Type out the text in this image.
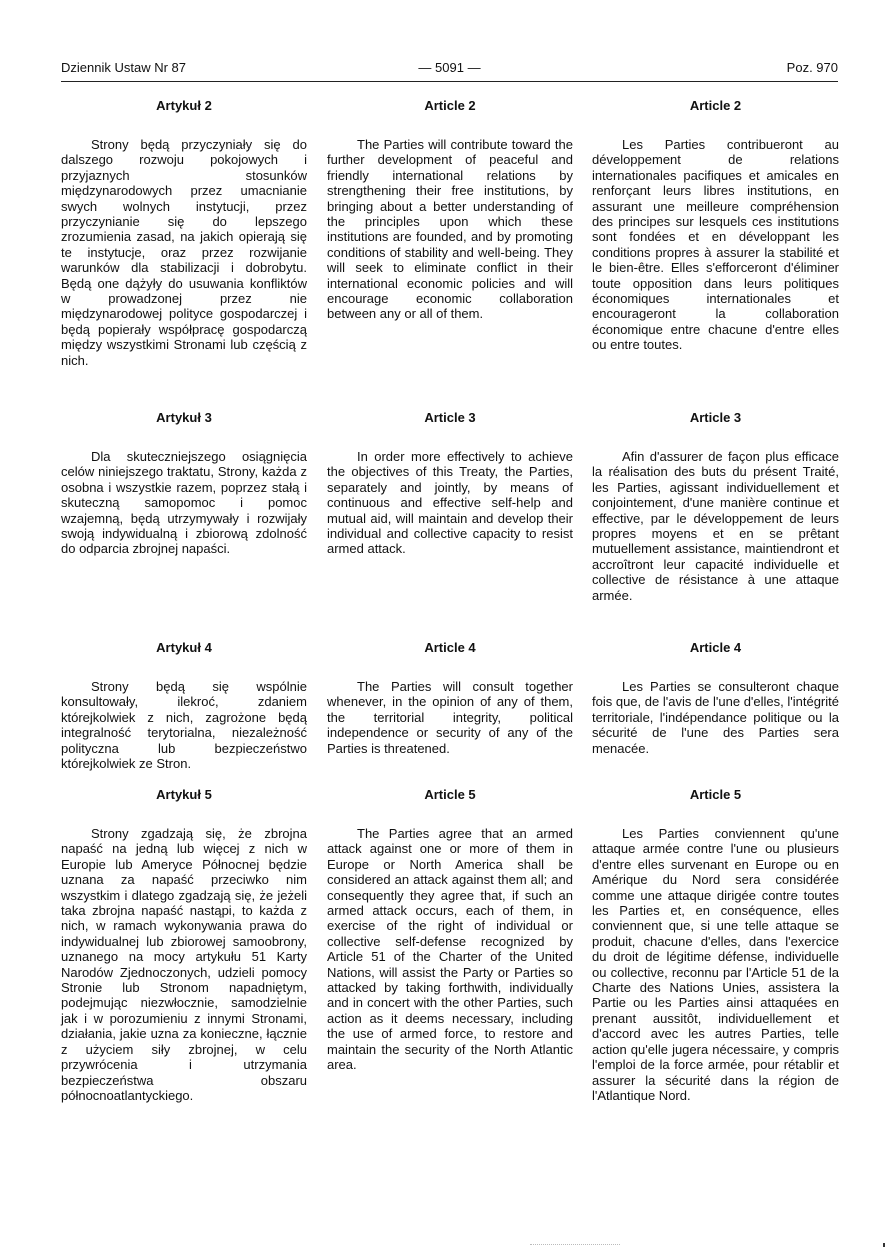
Dziennik Ustaw Nr 87	— 5091 —	Poz. 970
Artykuł 2

Strony będą przyczyniały się do dalszego rozwoju pokojowych i przyjaznych stosunków międzynarodowych przez umacnianie swych wolnych instytucji, przez przyczynianie się do lepszego zrozumienia zasad, na jakich opierają się te instytucje, oraz przez rozwijanie warunków dla stabilizacji i dobrobytu. Będą one dążyły do usuwania konfliktów w prowadzonej przez nie międzynarodowej polityce gospodarczej i będą popierały współpracę gospodarczą między wszystkimi Stronami lub częścią z nich.

Article 2

The Parties will contribute toward the further development of peaceful and friendly international relations by strengthening their free institutions, by bringing about a better understanding of the principles upon which these institutions are founded, and by promoting conditions of stability and well-being. They will seek to eliminate conflict in their international economic policies and will encourage economic collaboration between any or all of them.

Article 2

Les Parties contribueront au développement de relations internationales pacifiques et amicales en renforçant leurs libres institutions, en assurant une meilleure compréhension des principes sur lesquels ces institutions sont fondées et en développant les conditions propres à assurer la stabilité et le bien-être. Elles s'efforceront d'éliminer toute opposition dans leurs politiques économiques internationales et encourageront la collaboration économique entre chacune d'entre elles ou entre toutes.

Artykuł 3

Dla skuteczniejszego osiągnięcia celów niniejszego traktatu, Strony, każda z osobna i wszystkie razem, poprzez stałą i skuteczną samopomoc i pomoc wzajemną, będą utrzymywały i rozwijały swoją indywidualną i zbiorową zdolność do odparcia zbrojnej napaści.

Article 3

In order more effectively to achieve the objectives of this Treaty, the Parties, separately and jointly, by means of continuous and effective self-help and mutual aid, will maintain and develop their individual and collective capacity to resist armed attack.

Article 3

Afin d'assurer de façon plus efficace la réalisation des buts du présent Traité, les Parties, agissant individuellement et conjointement, d'une manière continue et effective, par le développement de leurs propres moyens et en se prêtant mutuellement assistance, maintiendront et accroîtront leur capacité individuelle et collective de résistance à une attaque armée.

Artykuł 4

Strony będą się wspólnie konsultowały, ilekroć, zdaniem którejkolwiek z nich, zagrożone będą integralność terytorialna, niezależność polityczna lub bezpieczeństwo którejkolwiek ze Stron.

Article 4

The Parties will consult together whenever, in the opinion of any of them, the territorial integrity, political independence or security of any of the Parties is threatened.

Article 4

Les Parties se consulteront chaque fois que, de l'avis de l'une d'elles, l'intégrité territoriale, l'indépendance politique ou la sécurité de l'une des Parties sera menacée.

Artykuł 5

Strony zgadzają się, że zbrojna napaść na jedną lub więcej z nich w Europie lub Ameryce Północnej będzie uznana za napaść przeciwko nim wszystkim i dlatego zgadzają się, że jeżeli taka zbrojna napaść nastąpi, to każda z nich, w ramach wykonywania prawa do indywidualnej lub zbiorowej samoobrony, uznanego na mocy artykułu 51 Karty Narodów Zjednoczonych, udzieli pomocy Stronie lub Stronom napadniętym, podejmując niezwłocznie, samodzielnie jak i w porozumieniu z innymi Stronami, działania, jakie uzna za konieczne, łącznie z użyciem siły zbrojnej, w celu przywrócenia i utrzymania bezpieczeństwa obszaru północnoatlantyckiego.

Article 5

The Parties agree that an armed attack against one or more of them in Europe or North America shall be considered an attack against them all; and consequently they agree that, if such an armed attack occurs, each of them, in exercise of the right of individual or collective self-defense recognized by Article 51 of the Charter of the United Nations, will assist the Party or Parties so attacked by taking forthwith, individually and in concert with the other Parties, such action as it deems necessary, including the use of armed force, to restore and maintain the security of the North Atlantic area.

Article 5

Les Parties conviennent qu'une attaque armée contre l'une ou plusieurs d'entre elles survenant en Europe ou en Amérique du Nord sera considérée comme une attaque dirigée contre toutes les Parties et, en conséquence, elles conviennent que, si une telle attaque se produit, chacune d'elles, dans l'exercice du droit de légitime défense, individuelle ou collective, reconnu par l'Article 51 de la Charte des Nations Unies, assistera la Partie ou les Parties ainsi attaquées en prenant aussitôt, individuellement et d'accord avec les autres Parties, telle action qu'elle jugera nécessaire, y compris l'emploi de la force armée, pour rétablir et assurer la sécurité dans la région de l'Atlantique Nord.
